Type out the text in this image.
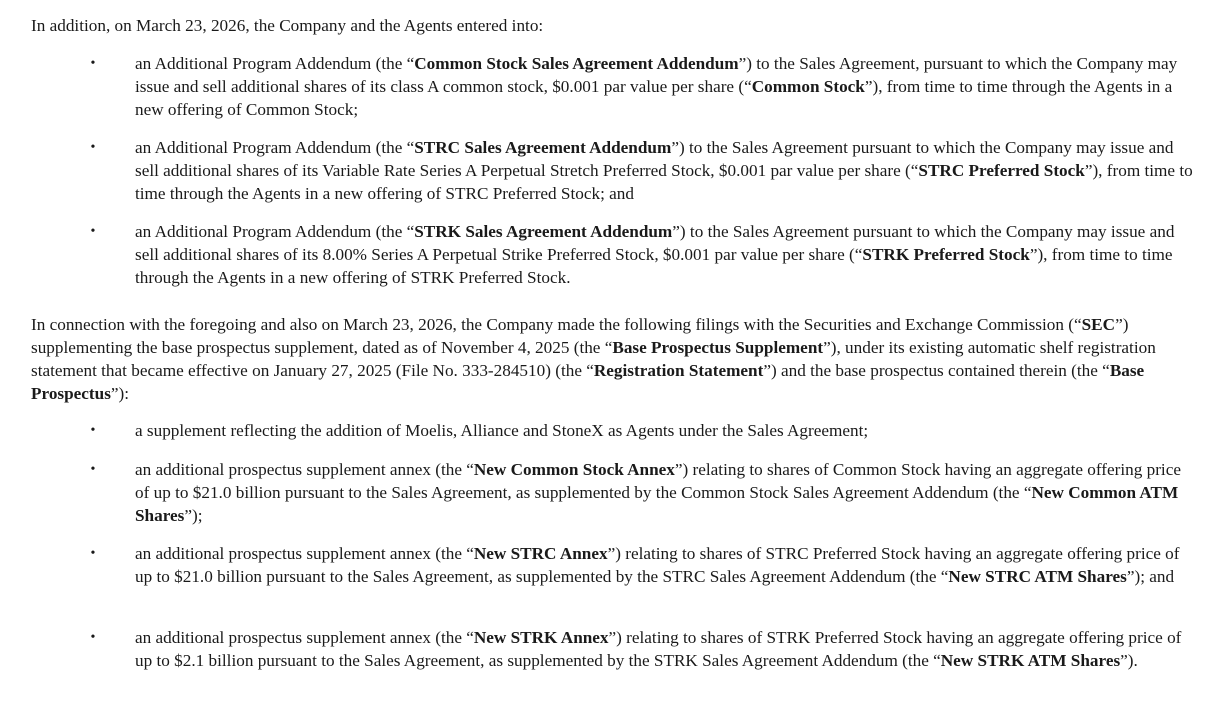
In addition, on March 23, 2026, the Company and the Agents entered into:

• an Additional Program Addendum (the “Common Stock Sales Agreement Addendum”) to the Sales Agreement, pursuant to which the Company may issue and sell additional shares of its class A common stock, $0.001 par value per share (“Common Stock”), from time to time through the Agents in a new offering of Common Stock;

• an Additional Program Addendum (the “STRC Sales Agreement Addendum”) to the Sales Agreement pursuant to which the Company may issue and sell additional shares of its Variable Rate Series A Perpetual Stretch Preferred Stock, $0.001 par value per share (“STRC Preferred Stock”), from time to time through the Agents in a new offering of STRC Preferred Stock; and

• an Additional Program Addendum (the “STRK Sales Agreement Addendum”) to the Sales Agreement pursuant to which the Company may issue and sell additional shares of its 8.00% Series A Perpetual Strike Preferred Stock, $0.001 par value per share (“STRK Preferred Stock”), from time to time through the Agents in a new offering of STRK Preferred Stock.

In connection with the foregoing and also on March 23, 2026, the Company made the following filings with the Securities and Exchange Commission (“SEC”) supplementing the base prospectus supplement, dated as of November 4, 2025 (the “Base Prospectus Supplement”), under its existing automatic shelf registration statement that became effective on January 27, 2025 (File No. 333-284510) (the “Registration Statement”) and the base prospectus contained therein (the “Base Prospectus”):

• a supplement reflecting the addition of Moelis, Alliance and StoneX as Agents under the Sales Agreement;

• an additional prospectus supplement annex (the “New Common Stock Annex”) relating to shares of Common Stock having an aggregate offering price of up to $21.0 billion pursuant to the Sales Agreement, as supplemented by the Common Stock Sales Agreement Addendum (the “New Common ATM Shares”);

• an additional prospectus supplement annex (the “New STRC Annex”) relating to shares of STRC Preferred Stock having an aggregate offering price of up to $21.0 billion pursuant to the Sales Agreement, as supplemented by the STRC Sales Agreement Addendum (the “New STRC ATM Shares”); and

• an additional prospectus supplement annex (the “New STRK Annex”) relating to shares of STRK Preferred Stock having an aggregate offering price of up to $2.1 billion pursuant to the Sales Agreement, as supplemented by the STRK Sales Agreement Addendum (the “New STRK ATM Shares”).
